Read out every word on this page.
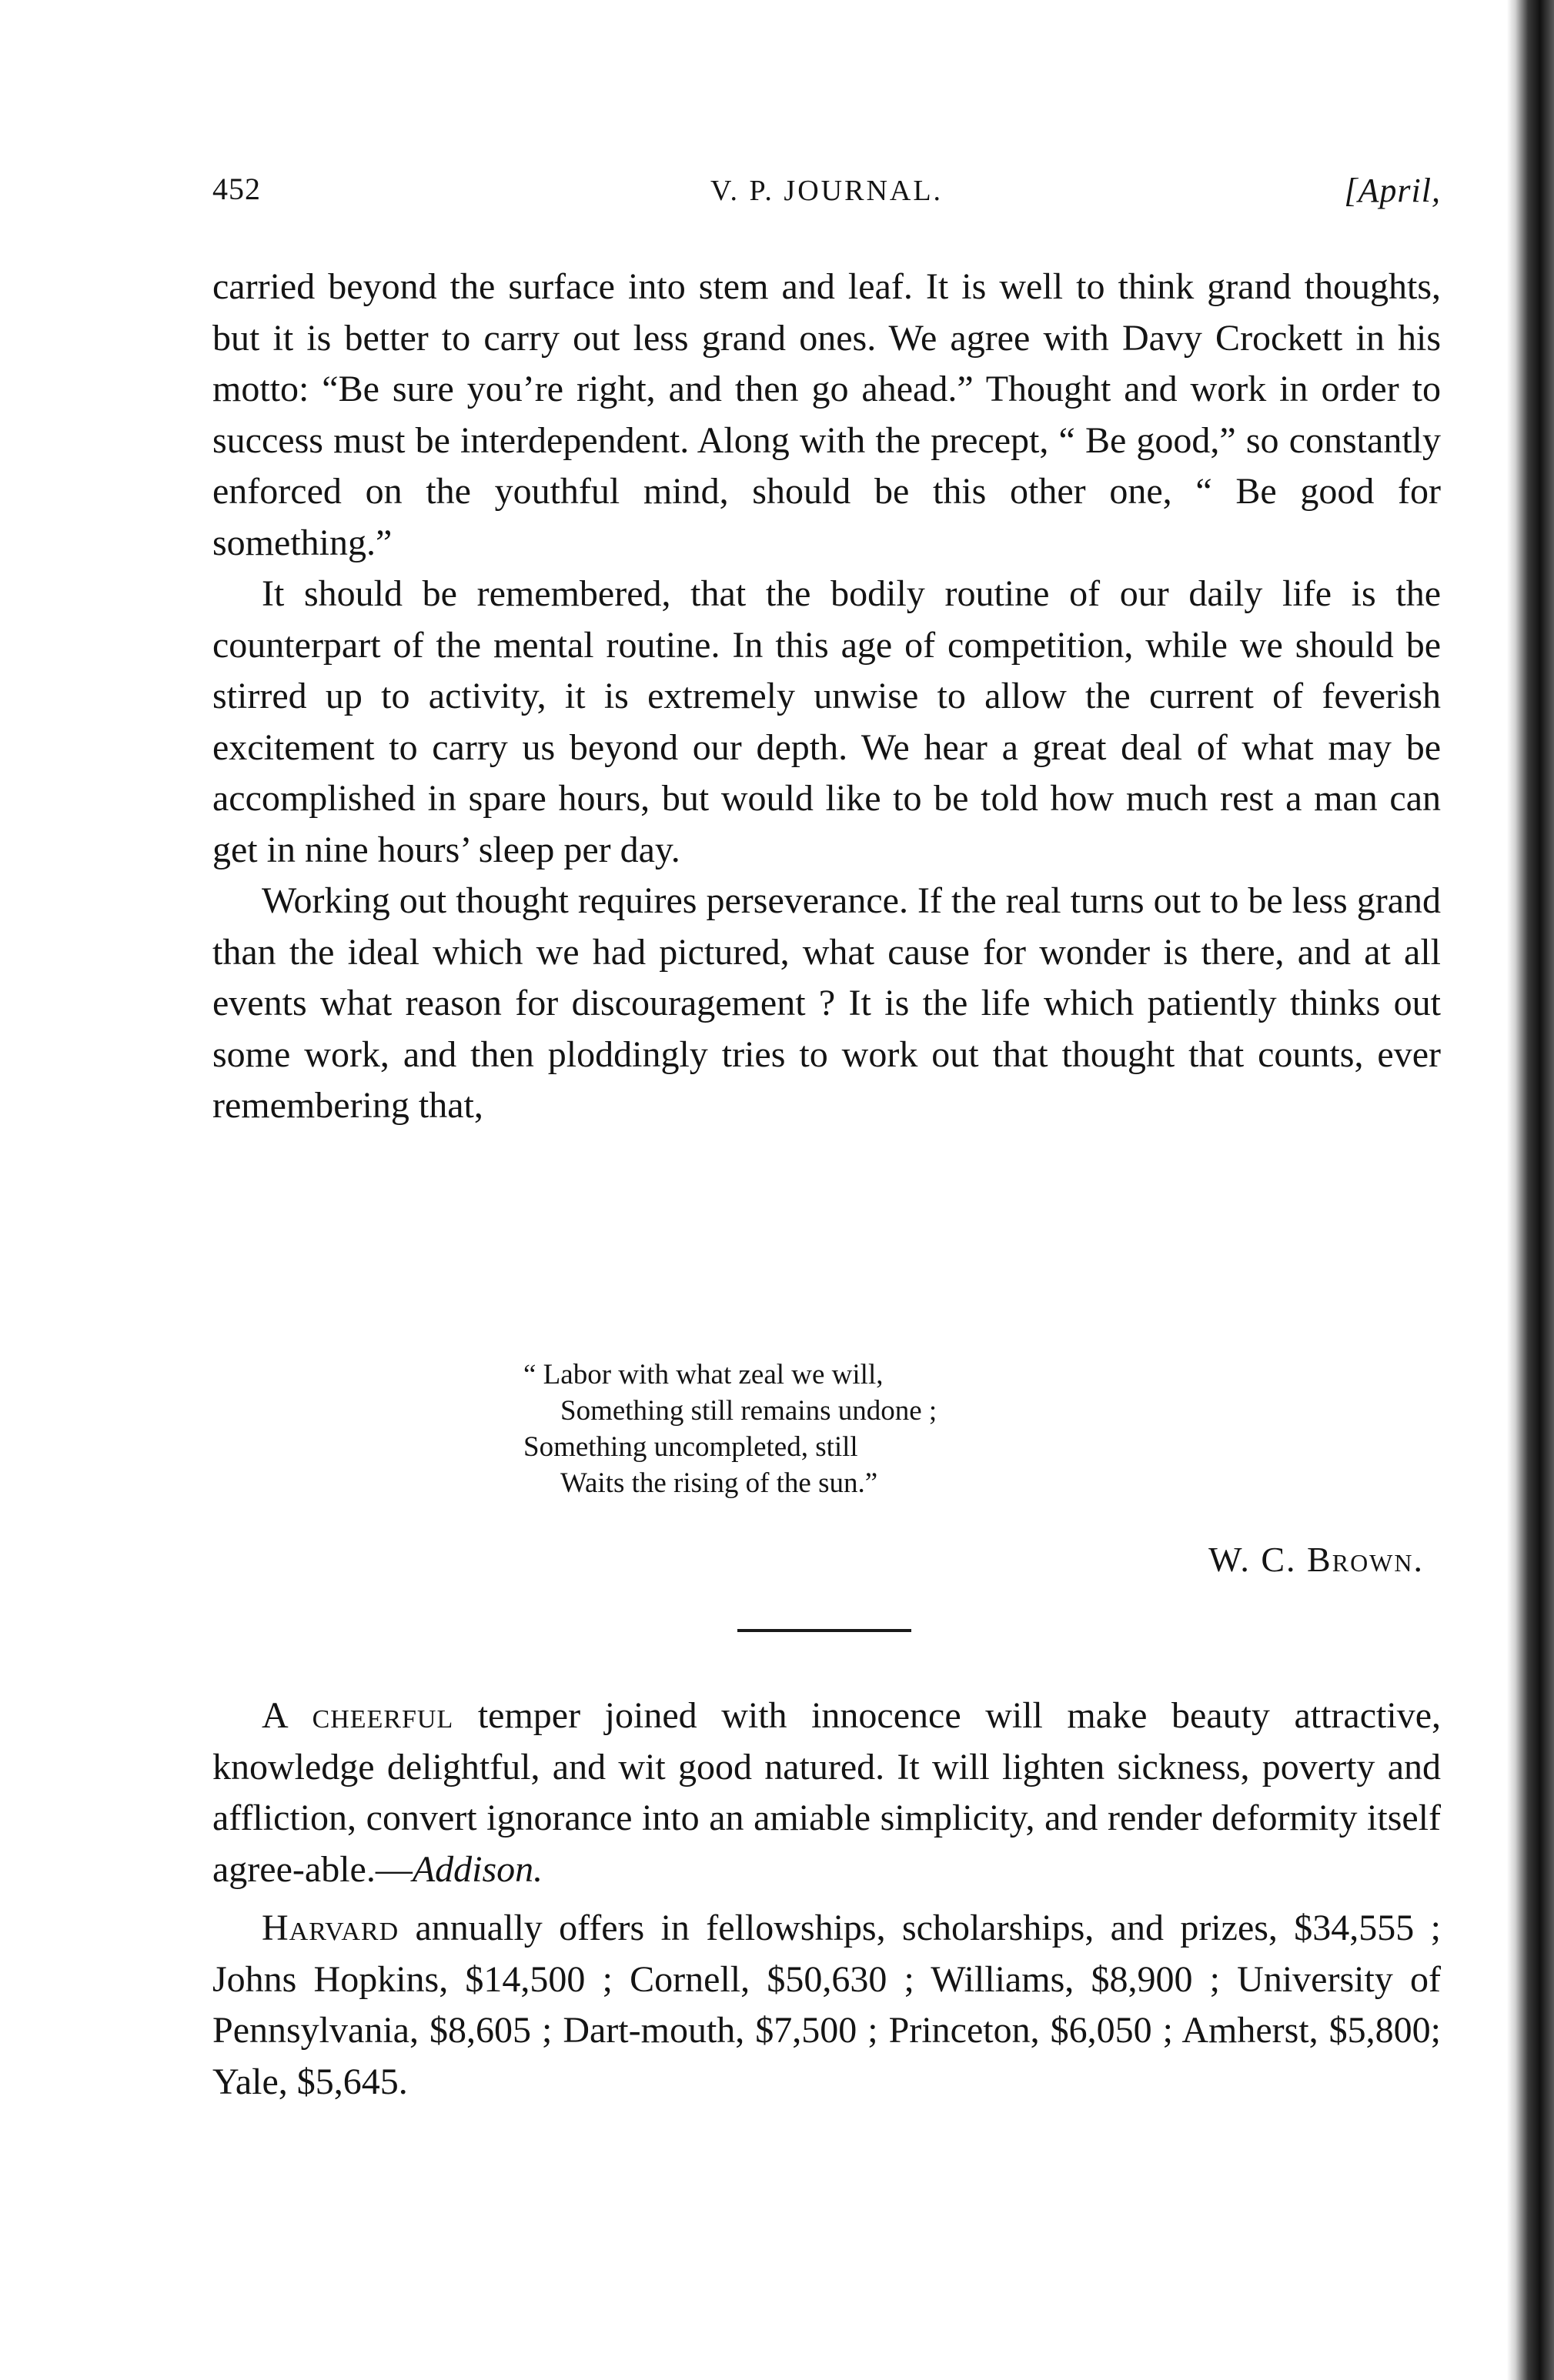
452	V. P. JOURNAL.	[April,

carried beyond the surface into stem and leaf. It is well to think grand thoughts, but it is better to carry out less grand ones. We agree with Davy Crockett in his motto: “Be sure you’re right, and then go ahead.” Thought and work in order to success must be interdependent. Along with the precept, “ Be good,” so constantly enforced on the youthful mind, should be this other one, “ Be good for something.”

It should be remembered, that the bodily routine of our daily life is the counterpart of the mental routine. In this age of competition, while we should be stirred up to activity, it is extremely unwise to allow the current of feverish excitement to carry us beyond our depth. We hear a great deal of what may be accomplished in spare hours, but would like to be told how much rest a man can get in nine hours’ sleep per day.

Working out thought requires perseverance. If the real turns out to be less grand than the ideal which we had pictured, what cause for wonder is there, and at all events what reason for discouragement ? It is the life which patiently thinks out some work, and then ploddingly tries to work out that thought that counts, ever remembering that,

“ Labor with what zeal we will,
Something still remains undone ;
Something uncompleted, still
Waits the rising of the sun.”
W. C. Brown.

A cheerful temper joined with innocence will make beauty attractive, knowledge delightful, and wit good natured. It will lighten sickness, poverty and affliction, convert ignorance into an amiable simplicity, and render deformity itself agree-able.—Addison.

Harvard annually offers in fellowships, scholarships, and prizes, $34,555 ; Johns Hopkins, $14,500 ; Cornell, $50,630 ; Williams, $8,900 ; University of Pennsylvania, $8,605 ; Dart-mouth, $7,500 ; Princeton, $6,050 ; Amherst, $5,800; Yale, $5,645.
